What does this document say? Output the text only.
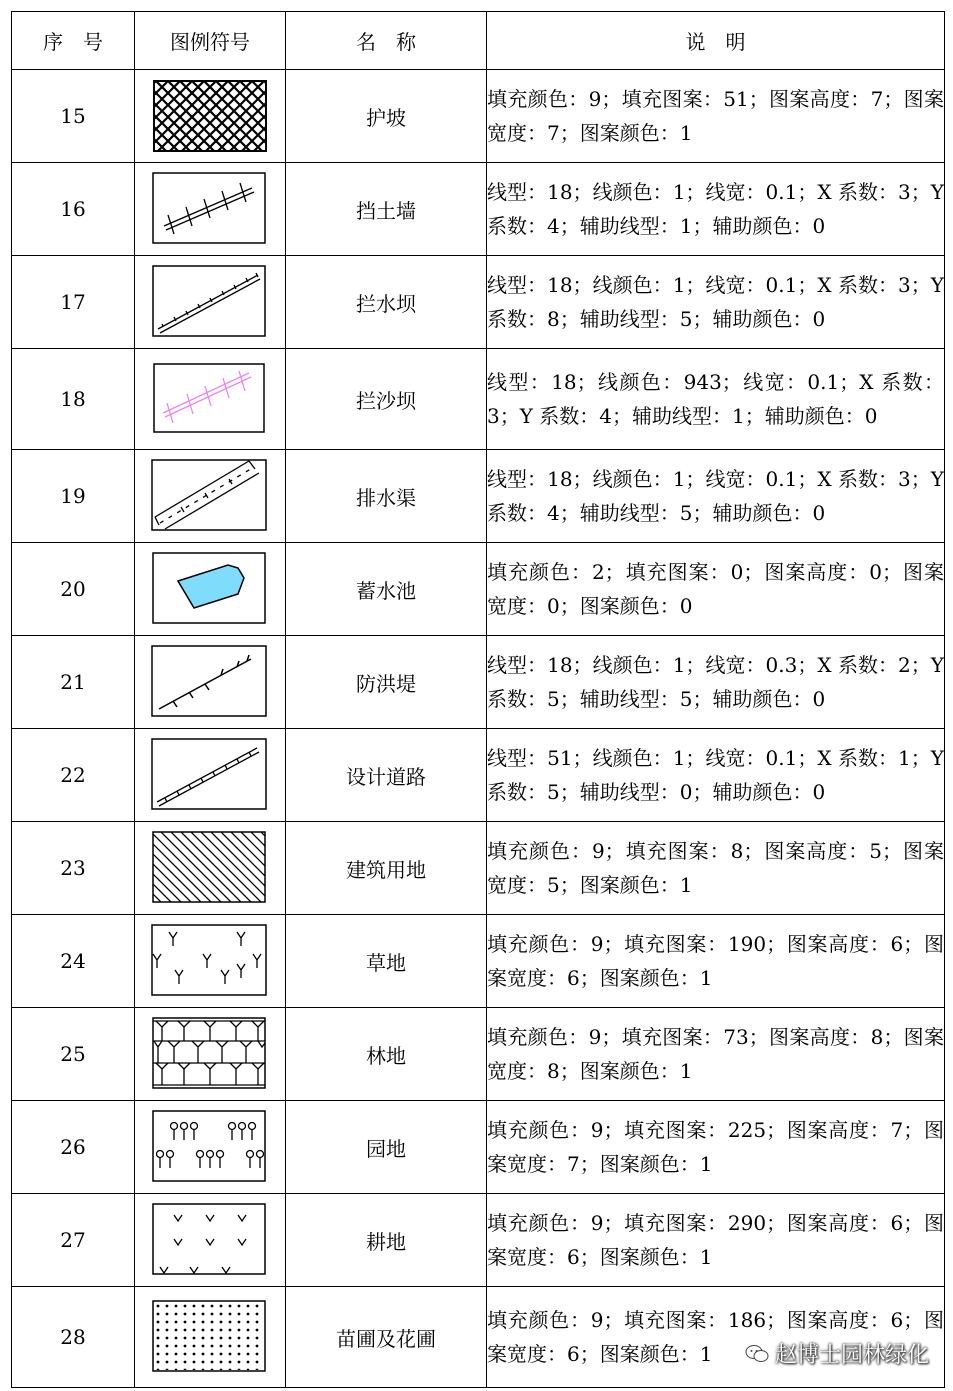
序　号	图例符号	名　称	说　明
15		护坡	填充颜色：9；填充图案：51；图案高度：7；图案宽度：7；图案颜色：1
16		挡土墙	线型：18；线颜色：1；线宽：0.1；X 系数：3；Y 系数：4；辅助线型：1；辅助颜色：0
17		拦水坝	线型：18；线颜色：1；线宽：0.1；X 系数：3；Y 系数：8；辅助线型：5；辅助颜色：0
18		拦沙坝	线型：18；线颜色：943；线宽：0.1；X 系数：3；Y 系数：4；辅助线型：1；辅助颜色：0
19		排水渠	线型：18；线颜色：1；线宽：0.1；X 系数：3；Y 系数：4；辅助线型：5；辅助颜色：0
20		蓄水池	填充颜色：2；填充图案：0；图案高度：0；图案宽度：0；图案颜色：0
21		防洪堤	线型：18；线颜色：1；线宽：0.3；X 系数：2；Y 系数：5；辅助线型：5；辅助颜色：0
22		设计道路	线型：51；线颜色：1；线宽：0.1；X 系数：1；Y 系数：5；辅助线型：0；辅助颜色：0
23		建筑用地	填充颜色：9；填充图案：8；图案高度：5；图案宽度：5；图案颜色：1
24		草地	填充颜色：9；填充图案：190；图案高度：6；图案宽度：6；图案颜色：1
25		林地	填充颜色：9；填充图案：73；图案高度：8；图案宽度：8；图案颜色：1
26		园地	填充颜色：9；填充图案：225；图案高度：7；图案宽度：7；图案颜色：1
27		耕地	填充颜色：9；填充图案：290；图案高度：6；图案宽度：6；图案颜色：1
28		苗圃及花圃	填充颜色：9；填充图案：186；图案高度：6；图案宽度：6；图案颜色：1	赵博士园林绿化
